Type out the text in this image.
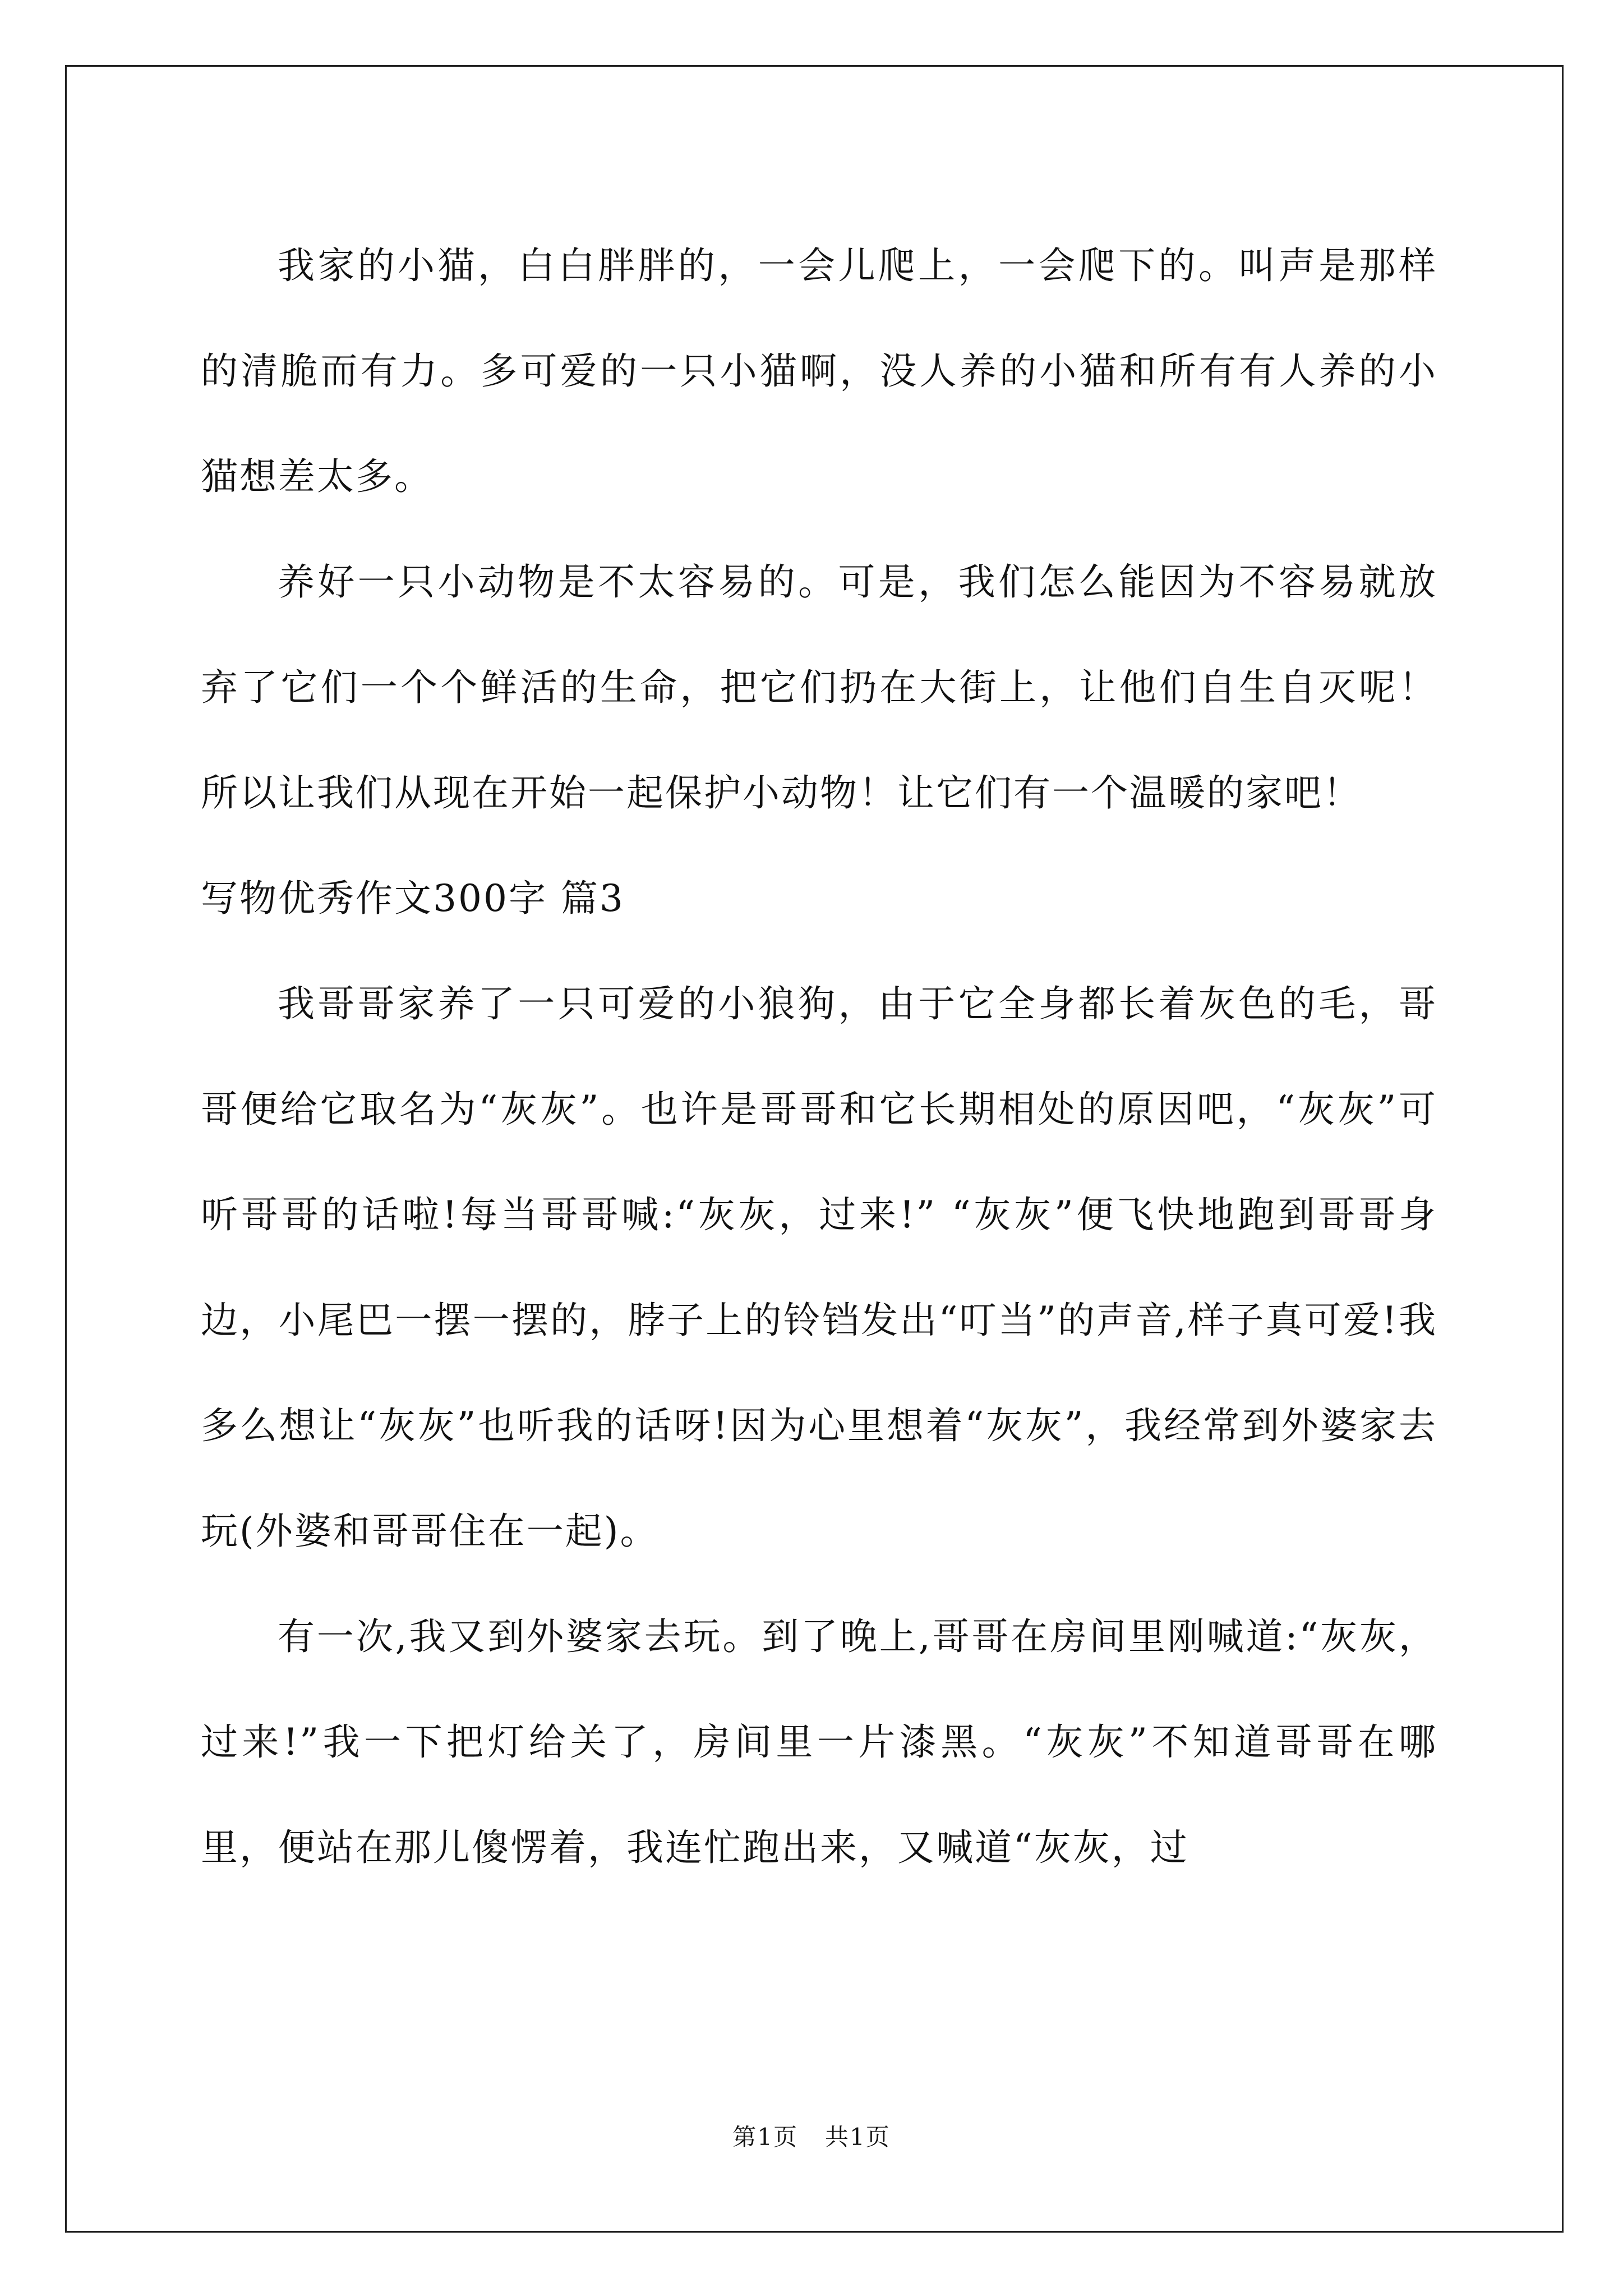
我家的小猫，白白胖胖的，一会儿爬上，一会爬下的。叫声是那样的清脆而有力。多可爱的一只小猫啊，没人养的小猫和所有有人养的小猫想差太多。

养好一只小动物是不太容易的。可是，我们怎么能因为不容易就放弃了它们一个个鲜活的生命，把它们扔在大街上，让他们自生自灭呢！所以让我们从现在开始一起保护小动物！让它们有一个温暖的家吧！

写物优秀作文300字 篇3

我哥哥家养了一只可爱的小狼狗，由于它全身都长着灰色的毛，哥哥便给它取名为“灰灰”。也许是哥哥和它长期相处的原因吧，“灰灰”可听哥哥的话啦!每当哥哥喊:“灰灰，过来!” “灰灰”便飞快地跑到哥哥身边，小尾巴一摆一摆的，脖子上的铃铛发出“叮当”的声音,样子真可爱!我多么想让“灰灰”也听我的话呀!因为心里想着“灰灰”，我经常到外婆家去玩(外婆和哥哥住在一起)。

有一次,我又到外婆家去玩。到了晚上,哥哥在房间里刚喊道:“灰灰，过来!”我一下把灯给关了，房间里一片漆黑。“灰灰”不知道哥哥在哪里，便站在那儿傻愣着，我连忙跑出来，又喊道“灰灰，过

第1页 共1页
